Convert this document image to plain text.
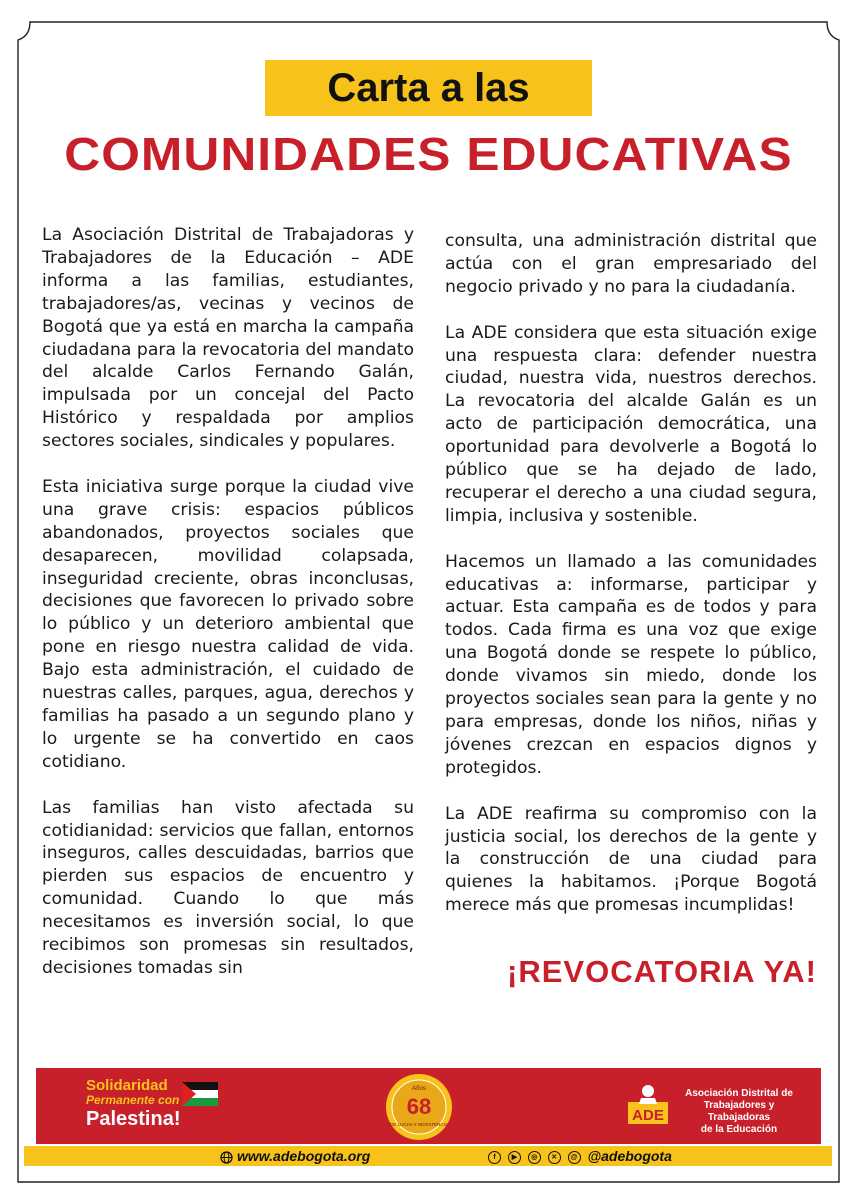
Carta a las
COMUNIDADES EDUCATIVAS

La Asociación Distrital de Trabajadoras y Trabajadores de la Educación – ADE informa a las familias, estudiantes, trabajadores/as, vecinas y vecinos de Bogotá que ya está en marcha la campaña ciudadana para la revocatoria del mandato del alcalde Carlos Fernando Galán, impulsada por un concejal del Pacto Histórico y respaldada por amplios sectores sociales, sindicales y populares.

Esta iniciativa surge porque la ciudad vive una grave crisis: espacios públicos abandonados, proyectos sociales que desaparecen, movilidad colapsada, inseguridad creciente, obras inconclusas, decisiones que favorecen lo privado sobre lo público y un deterioro ambiental que pone en riesgo nuestra calidad de vida. Bajo esta administración, el cuidado de nuestras calles, parques, agua, derechos y familias ha pasado a un segundo plano y lo urgente se ha convertido en caos cotidiano.

Las familias han visto afectada su cotidianidad: servicios que fallan, entornos inseguros, calles descuidadas, barrios que pierden sus espacios de encuentro y comunidad. Cuando lo que más necesitamos es inversión social, lo que recibimos son promesas sin resultados, decisiones tomadas sin

consulta, una administración distrital que actúa con el gran empresariado del negocio privado y no para la ciudadanía.

La ADE considera que esta situación exige una respuesta clara: defender nuestra ciudad, nuestra vida, nuestros derechos. La revocatoria del alcalde Galán es un acto de participación democrática, una oportunidad para devolverle a Bogotá lo público que se ha dejado de lado, recuperar el derecho a una ciudad segura, limpia, inclusiva y sostenible.

Hacemos un llamado a las comunidades educativas a: informarse, participar y actuar. Esta campaña es de todos y para todos. Cada firma es una voz que exige una Bogotá donde se respete lo público, donde vivamos sin miedo, donde los proyectos sociales sean para la gente y no para empresas, donde los niños, niñas y jóvenes crezcan en espacios dignos y protegidos.

La ADE reafirma su compromiso con la justicia social, los derechos de la gente y la construcción de una ciudad para quienes la habitamos. ¡Porque Bogotá merece más que promesas incumplidas!

¡REVOCATORIA YA!
Solidaridad
Permanente con
Palestina!
Años
68
DE LUCHA Y RESISTENCIA
ADE
Asociación Distrital de
Trabajadores y Trabajadoras
de la Educación
www.adebogota.org	f ▶ ◎ ✕ @ @adebogota
